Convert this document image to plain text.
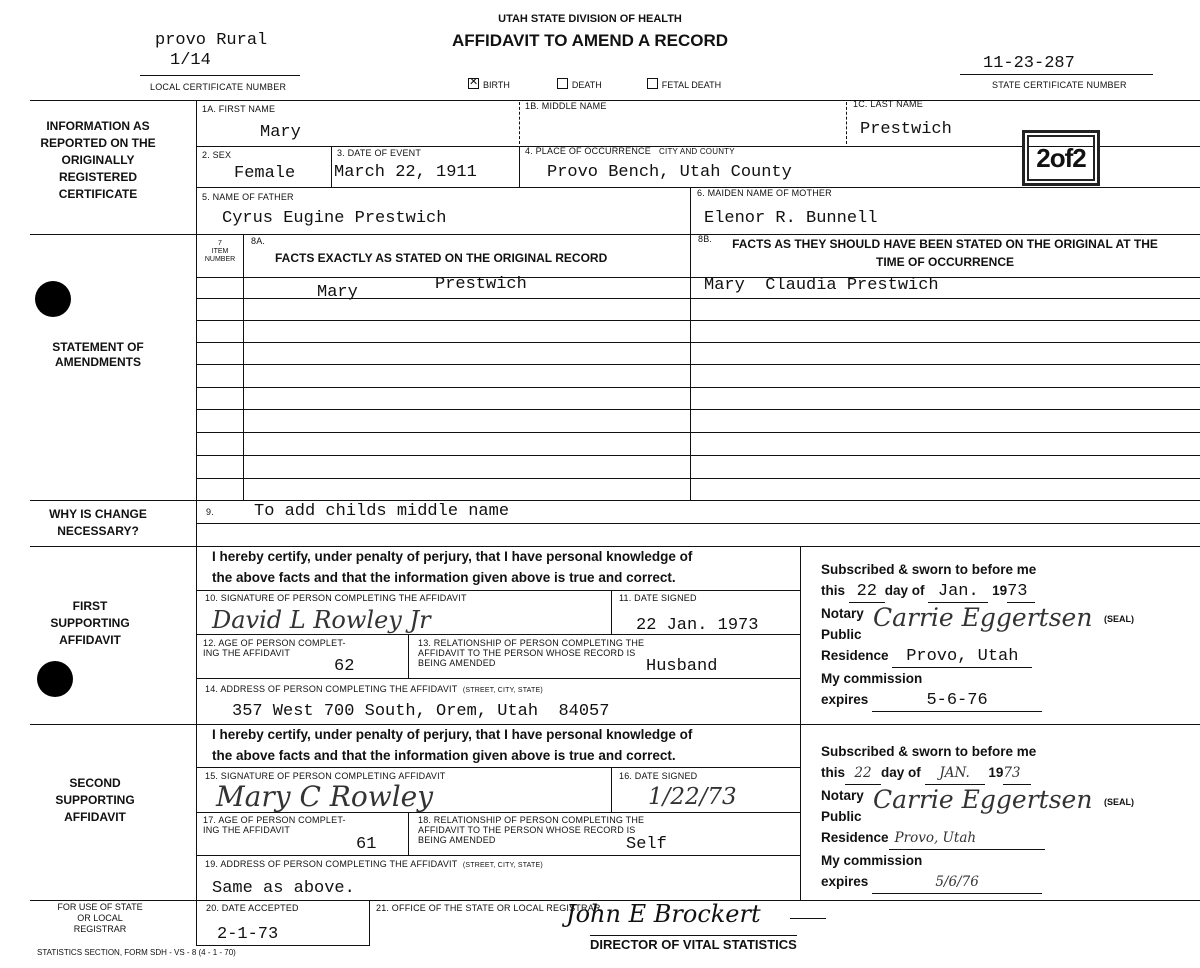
UTAH STATE DIVISION OF HEALTH
AFFIDAVIT TO AMEND A RECORD
provo Rural
1/14
LOCAL CERTIFICATE NUMBER
✕	BIRTH	DEATH	FETAL DEATH
11-23-287
STATE CERTIFICATE NUMBER
INFORMATION AS REPORTED ON THE ORIGINALLY REGISTERED CERTIFICATE
STATEMENT OF AMENDMENTS
WHY IS CHANGE NECESSARY?
FIRST SUPPORTING AFFIDAVIT
SECOND SUPPORTING AFFIDAVIT
FOR USE OF STATE OR LOCAL REGISTRAR
1A. FIRST NAME
Mary
1B. MIDDLE NAME	1C. LAST NAME
Prestwich
2. SEX
Female
3. DATE OF EVENT
March 22, 1911
4. PLACE OF OCCURRENCE CITY AND COUNTY
Provo Bench, Utah County	2of2
5. NAME OF FATHER
Cyrus Eugine Prestwich
6. MAIDEN NAME OF MOTHER
Elenor R. Bunnell
7
ITEM NUMBER
8A.
FACTS EXACTLY AS STATED ON THE ORIGINAL RECORD
8B. FACTS AS THEY SHOULD HAVE BEEN STATED ON THE ORIGINAL AT THE TIME OF OCCURRENCE
Mary	Prestwich	Mary  Claudia Prestwich
9. To add childs middle name
I hereby certify, under penalty of perjury, that I have personal knowledge of
the above facts and that the information given above is true and correct.
10. SIGNATURE OF PERSON COMPLETING THE AFFIDAVIT
David L Rowley Jr
11. DATE SIGNED
22 Jan. 1973
12. AGE OF PERSON COMPLET-
ING THE AFFIDAVIT
62
13. RELATIONSHIP OF PERSON COMPLETING THE
AFFIDAVIT TO THE PERSON WHOSE RECORD IS
BEING AMENDED	Husband
14. ADDRESS OF PERSON COMPLETING THE AFFIDAVIT (STREET, CITY, STATE)
357 West 700 South, Orem, Utah  84057
Subscribed & sworn to before me
this 22 day of Jan. 1973
Notary
Public
Residence Provo, Utah
My commission
expires	5-6-76
Carrie Eggertsen (SEAL)
I hereby certify, under penalty of perjury, that I have personal knowledge of
the above facts and that the information given above is true and correct.
15. SIGNATURE OF PERSON COMPLETING AFFIDAVIT
Mary C Rowley
16. DATE SIGNED
1/22/73
17. AGE OF PERSON COMPLET-
ING THE AFFIDAVIT
61
18. RELATIONSHIP OF PERSON COMPLETING THE
AFFIDAVIT TO THE PERSON WHOSE RECORD IS
BEING AMENDED	Self
19. ADDRESS OF PERSON COMPLETING THE AFFIDAVIT (STREET, CITY, STATE)
Same as above.
Subscribed & sworn to before me
this 22 day of JAN. 1973
Notary
Public
Residence Provo, Utah
My commission
expires	5/6/76
Carrie Eggertsen (SEAL)
20. DATE ACCEPTED
2-1-73
21. OFFICE OF THE STATE OR LOCAL REGISTRAR
John E Brockert
DIRECTOR OF VITAL STATISTICS
STATISTICS SECTION, FORM SDH - VS - 8 (4 - 1 - 70)
